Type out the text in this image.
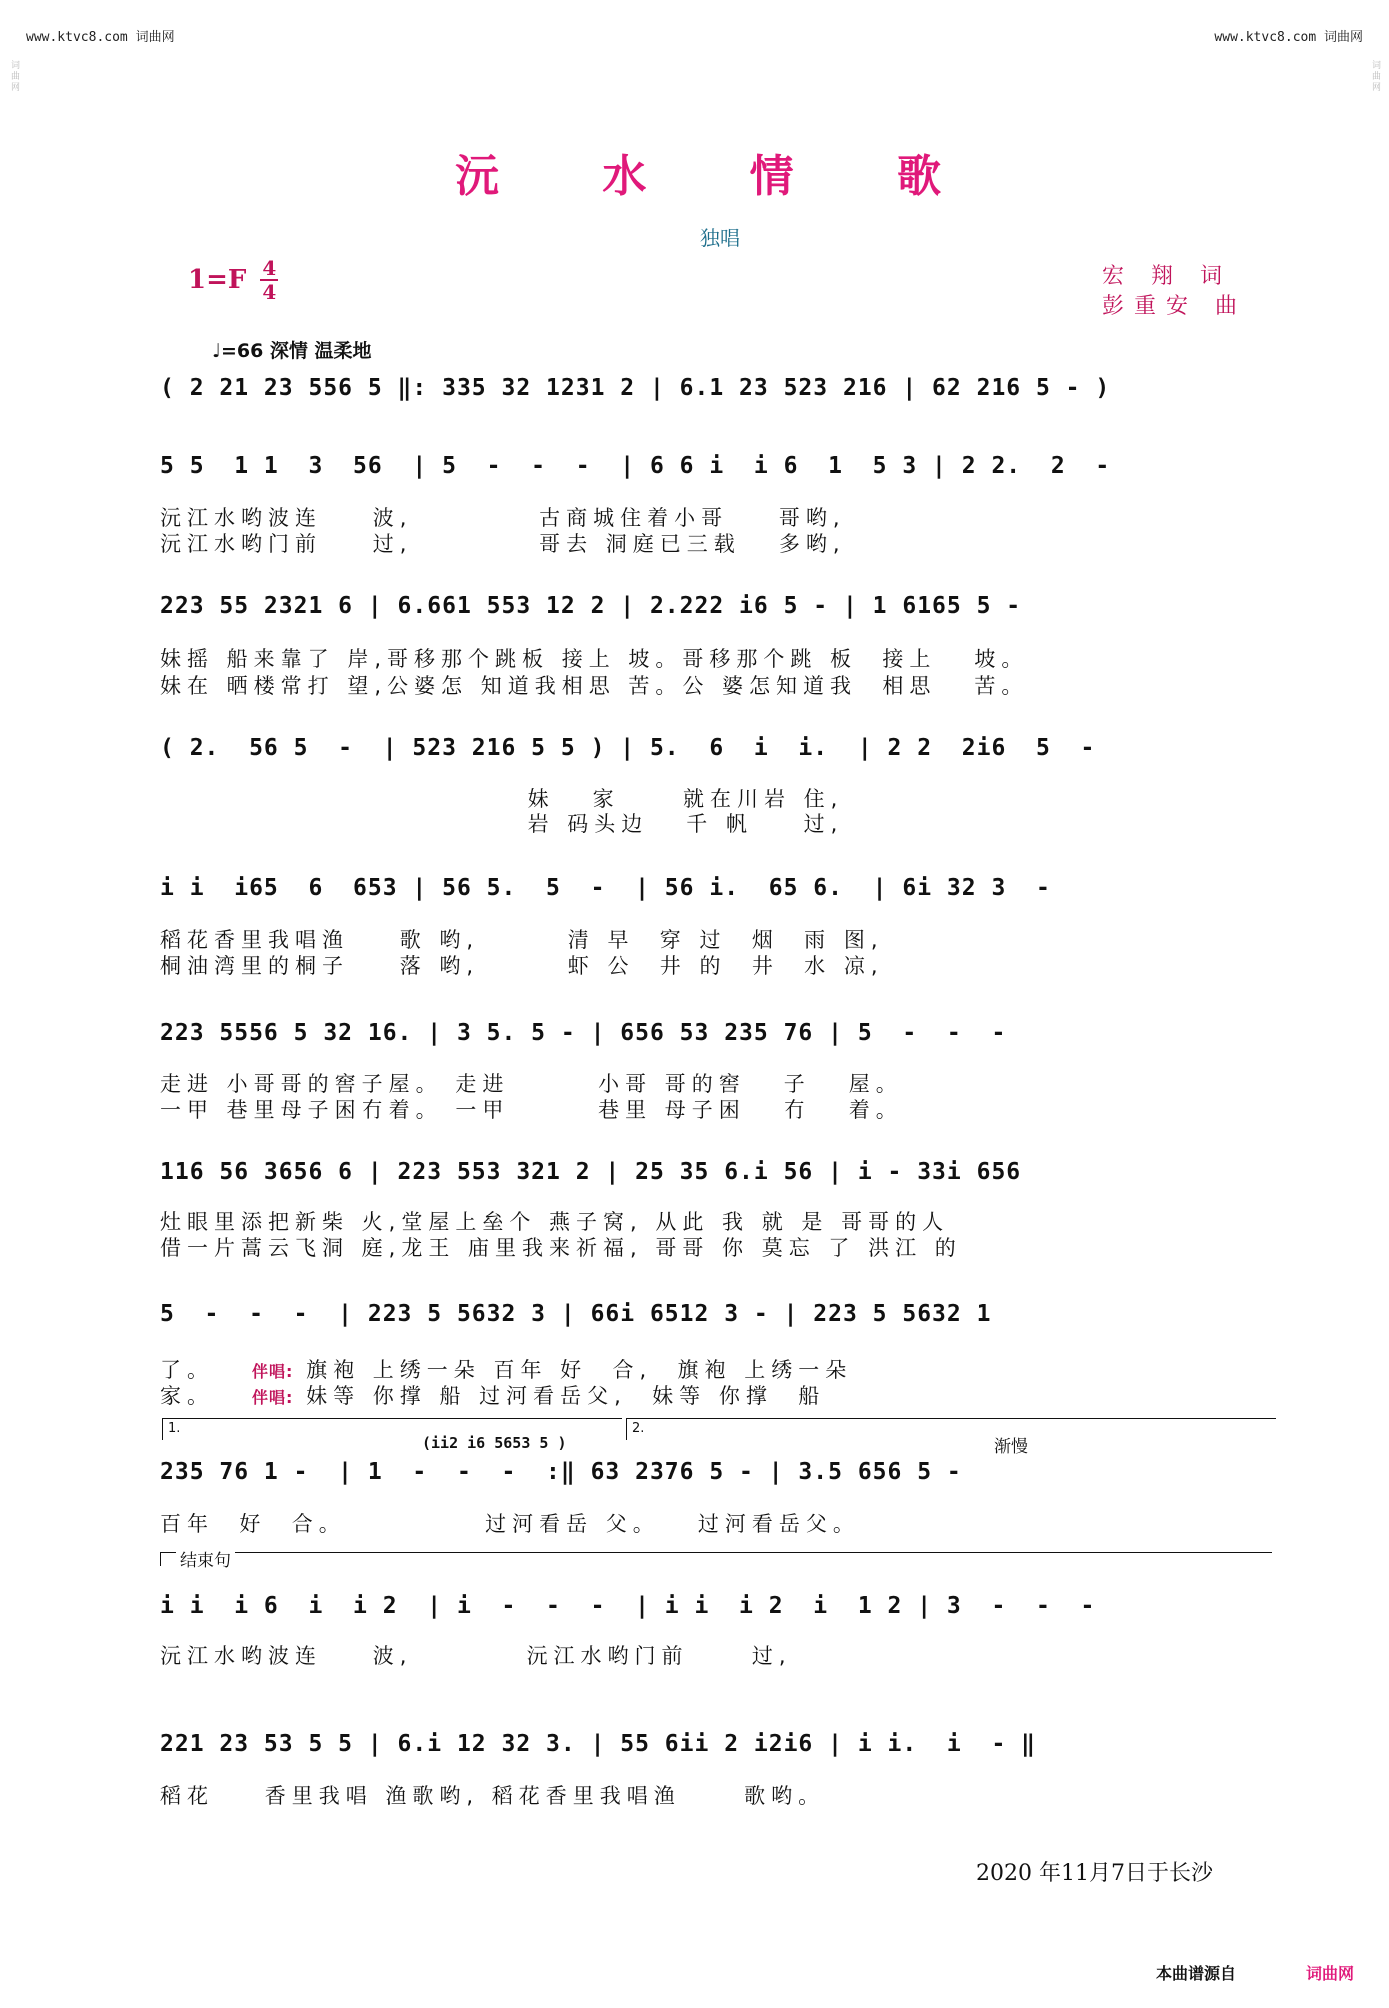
www.ktvc8.com 词曲网	www.ktvc8.com 词曲网
词曲网	词曲网
沅 水 情 歌
独唱
$1=F \frac{4}{4}$	宏 翔 词
彭重安 曲
♩=66 深情 温柔地
( 2 21 23 556 5 ‖: 335 32 1231 2 | 6.1 23 523 216 | 62 216 5 - )
5 5  1 1  3  56  | 5  -  -  -  | 6 6 i  i 6  1  5 3 | 2 2.  2  -
223 55 2321 6 | 6.661 553 12 2 | 2.222 i6 5 - | 1 6165 5 -
( 2.  56 5  -  | 523 216 5 5 ) | 5.  6  i  i.  | 2 2  2i6  5  -
i i  i65  6  653 | 56 5.  5  -  | 56 i.  65 6.  | 6i 32 3  -
223 5556 5 32 16. | 3 5. 5 - | 656 53 235 76 | 5  -  -  -
116 56 3656 6 | 223 553 321 2 | 25 35 6.i 56 | i - 33i 656
5  -  -  -  | 223 5 5632 3 | 66i 6512 3 - | 223 5 5632 1
235 76 1 -  | 1  -  -  -  :‖ 63 2376 5 - | 3.5 656 5 -
i i  i 6  i  i 2  | i  -  -  -  | i i  i 2  i  1 2 | 3  -  -  -
221 23 53 5 5 | 6.i 12 32 3. | 55 6ii 2 i2i6 | i i.  i  - ‖
沅江水哟波连    波,          古商城住着小哥    哥哟,
沅江水哟门前    过,          哥去 洞庭已三载   多哟,
妹摇 船来靠了 岸,哥移那个跳板 接上 坡。哥移那个跳 板  接上   坡。
妹在 晒楼常打 望,公婆怎 知道我相思 苦。公 婆怎知道我  相思   苦。
妹   家     就在川岩 住,
岩 码头边   千 帆    过,
稻花香里我唱渔    歌 哟,       清 早  穿 过  烟  雨 图,
桐油湾里的桐子    落 哟,       虾 公  井 的  井  水 凉,
走进 小哥哥的窖子屋。 走进       小哥 哥的窖   子   屋。
一甲 巷里母子困冇着。 一甲       巷里 母子困   冇   着。
灶眼里添把新柴 火,堂屋上垒个 燕子窝, 从此 我 就 是 哥哥的人
借一片蒿云飞洞 庭,龙王 庙里我来祈福, 哥哥 你 莫忘 了 洪江 的
了。 伴唱: 旗袍 上绣一朵 百年 好  合,  旗袍 上绣一朵
家。 伴唱: 妹等 你撑 船 过河看岳父,  妹等 你撑  船
1.	2.
(ii2 i6 5653 5 )	渐慢
百年  好  合。           过河看岳 父。   过河看岳父。
结束句
沅江水哟波连    波,         沅江水哟门前     过,
稻花    香里我唱 渔歌哟, 稻花香里我唱渔     歌哟。
2020 年11月7日于长沙
本曲谱源自	词曲网
